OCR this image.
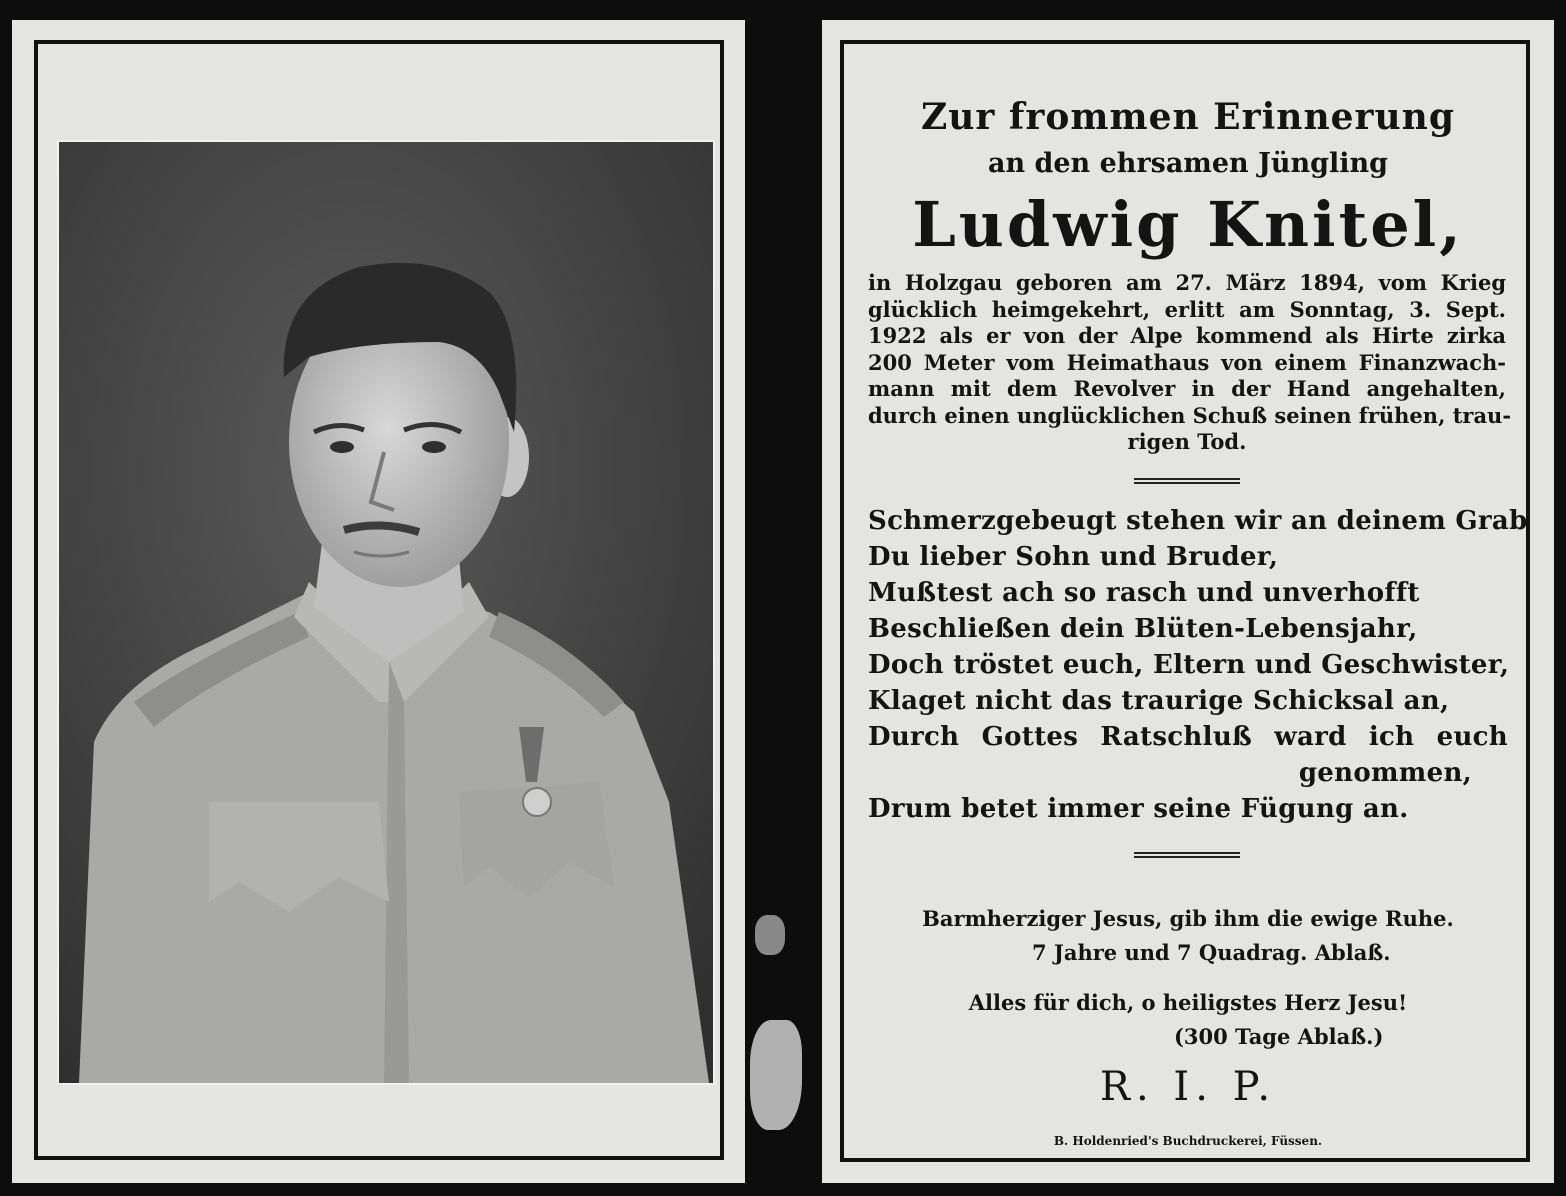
Zur frommen Erinnerung
an den ehrsamen Jüngling
Ludwig Knitel,
in Holzgau geboren am 27. März 1894, vom Krieg
glücklich heimgekehrt, erlitt am Sonntag, 3. Sept.
1922 als er von der Alpe kommend als Hirte zirka
200 Meter vom Heimathaus von einem Finanzwach-
mann mit dem Revolver in der Hand angehalten,
durch einen unglücklichen Schuß seinen frühen, trau-
rigen Tod.
Schmerzgebeugt stehen wir an deinem Grab
Du lieber Sohn und Bruder,
Mußtest ach so rasch und unverhofft
Beschließen dein Blüten-Lebensjahr,
Doch tröstet euch, Eltern und Geschwister,
Klaget nicht das traurige Schicksal an,
Durch Gottes Ratschluß ward ich euch
genommen,
Drum betet immer seine Fügung an.
Barmherziger Jesus, gib ihm die ewige Ruhe.
7 Jahre und 7 Quadrag. Ablaß.
Alles für dich, o heiligstes Herz Jesu!
(300 Tage Ablaß.)
R. I. P.
B. Holdenried's Buchdruckerei, Füssen.
